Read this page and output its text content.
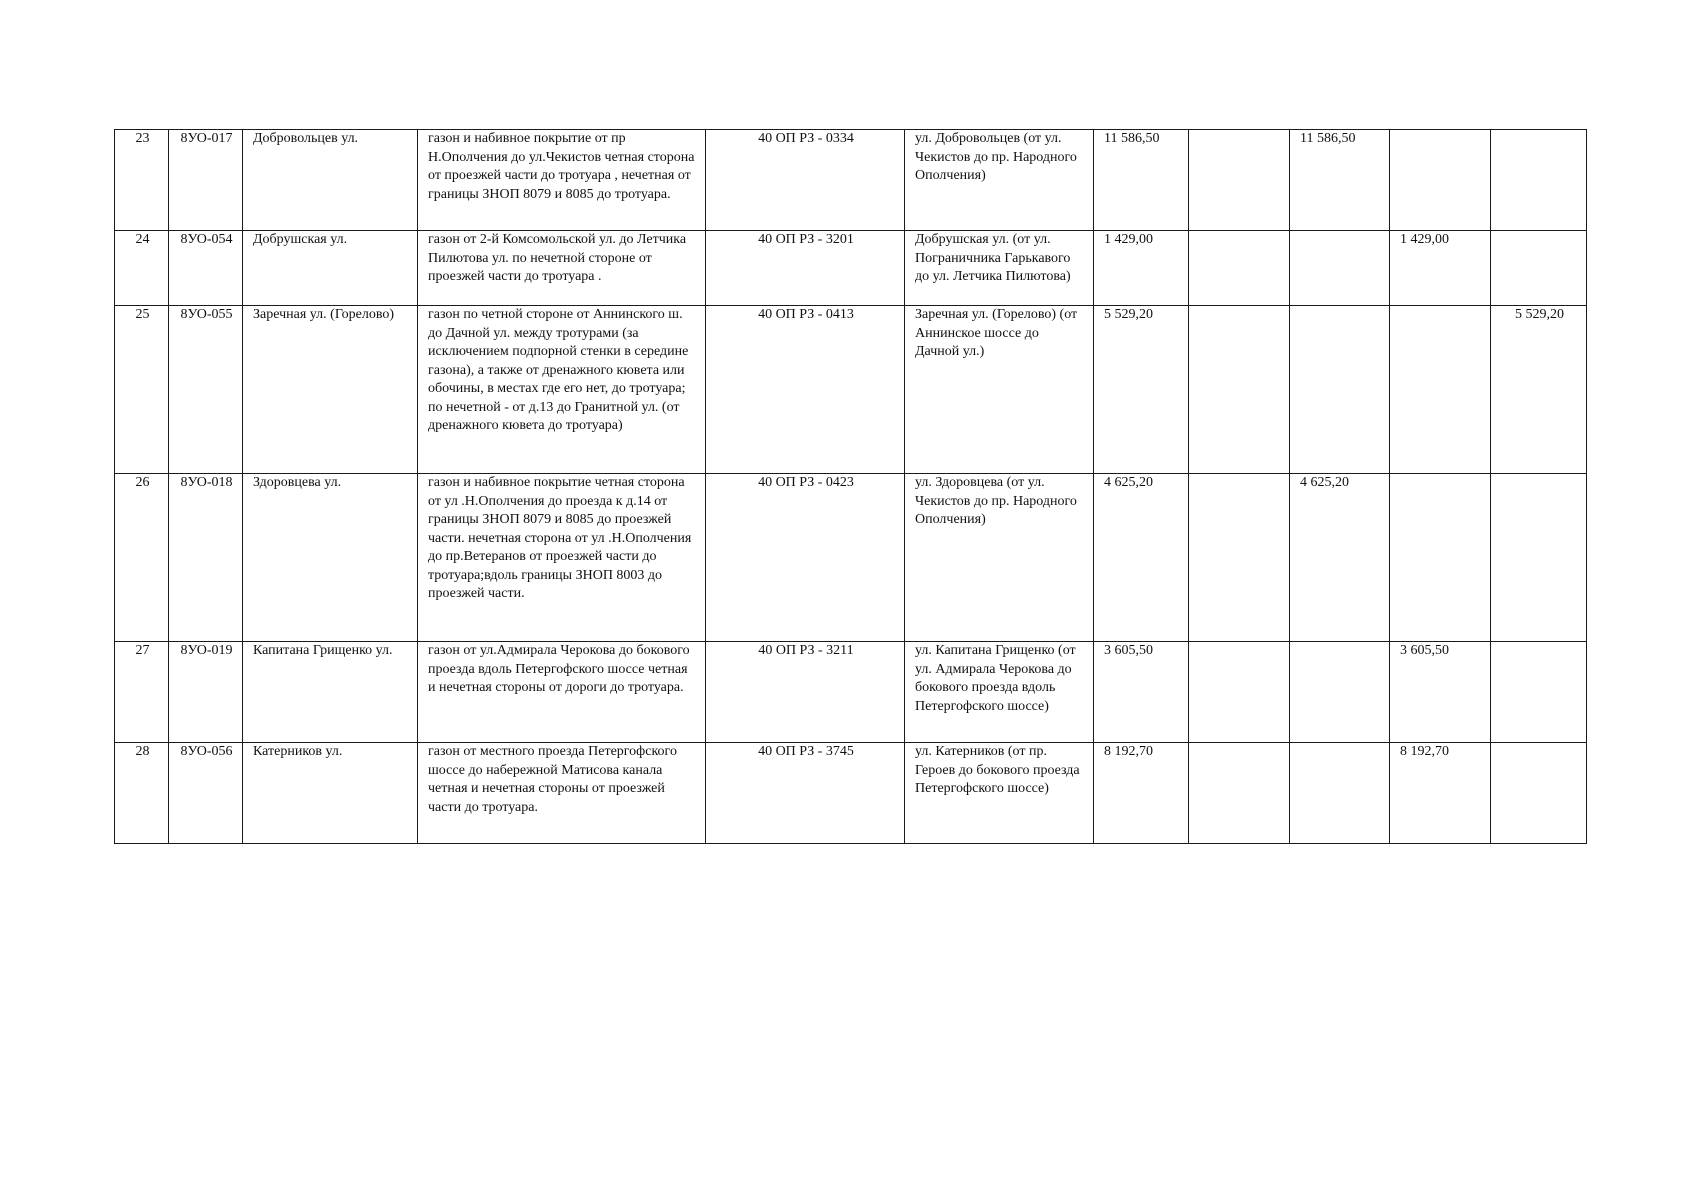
23	8УО-017	Добровольцев ул.	газон и набивное покрытие от пр Н.Ополчения до ул.Чекистов четная сторона от проезжей части до тротуара , нечетная от границы ЗНОП 8079 и 8085 до тротуара.	40 ОП РЗ - 0334	ул. Добровольцев (от ул. Чекистов до пр. Народного Ополчения)	11 586,50		11 586,50		
24	8УО-054	Добрушская ул.	газон от 2-й Комсомольской ул. до Летчика Пилютова ул. по нечетной стороне от проезжей части до тротуара .	40 ОП РЗ - 3201	Добрушская ул. (от ул. Пограничника Гарькавого до ул. Летчика Пилютова)	1 429,00			1 429,00	
25	8УО-055	Заречная ул. (Горелово)	газон по четной стороне от Аннинского ш. до Дачной ул. между тротурами (за исключением подпорной стенки в середине газона), а также от дренажного кювета или обочины, в местах где его нет, до тротуара; по нечетной - от д.13 до Гранитной ул. (от дренажного кювета до тротуара)	40 ОП РЗ - 0413	Заречная ул. (Горелово) (от Аннинское шоссе до Дачной ул.)	5 529,20				5 529,20
26	8УО-018	Здоровцева ул.	газон и набивное покрытие четная сторона от ул .Н.Ополчения до проезда к д.14 от границы ЗНОП 8079 и 8085 до проезжей части. нечетная сторона от ул .Н.Ополчения до пр.Ветеранов от проезжей части до тротуара;вдоль границы ЗНОП 8003 до проезжей части.	40 ОП РЗ - 0423	ул. Здоровцева (от ул. Чекистов до пр. Народного Ополчения)	4 625,20		4 625,20		
27	8УО-019	Капитана Грищенко ул.	газон от ул.Адмирала Черокова до бокового проезда вдоль Петергофского шоссе четная и нечетная стороны от дороги до тротуара.	40 ОП РЗ - 3211	ул. Капитана Грищенко (от ул. Адмирала Черокова до бокового проезда вдоль Петергофского шоссе)	3 605,50			3 605,50	
28	8УО-056	Катерников ул.	газон от местного проезда Петергофского шоссе до набережной Матисова канала четная и нечетная стороны от проезжей части до тротуара.	40 ОП РЗ - 3745	ул. Катерников (от пр. Героев до бокового проезда Петергофского шоссе)	8 192,70			8 192,70	
